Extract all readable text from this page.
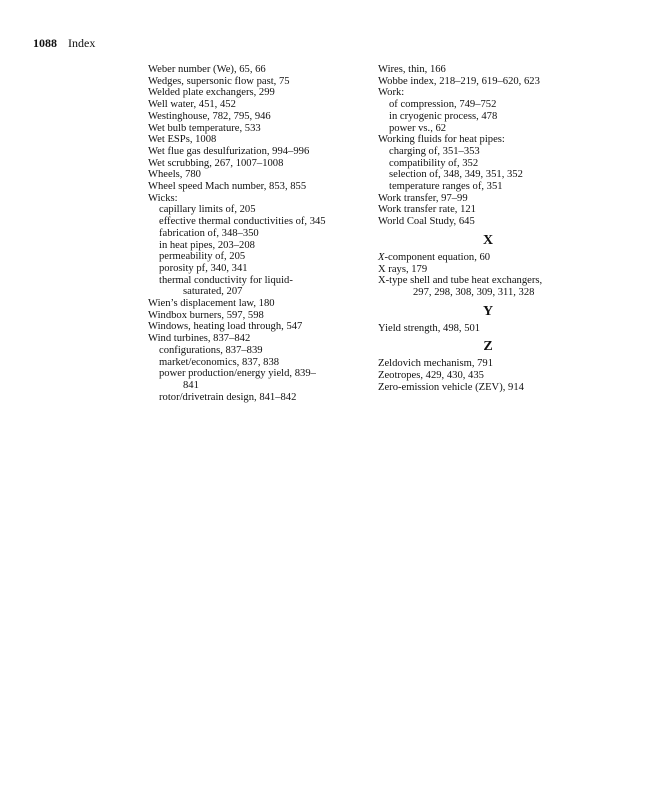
1088 Index
Weber number (We), 65, 66
Wedges, supersonic flow past, 75
Welded plate exchangers, 299
Well water, 451, 452
Westinghouse, 782, 795, 946
Wet bulb temperature, 533
Wet ESPs, 1008
Wet flue gas desulfurization, 994–996
Wet scrubbing, 267, 1007–1008
Wheels, 780
Wheel speed Mach number, 853, 855
Wicks:
capillary limits of, 205
effective thermal conductivities of, 345
fabrication of, 348–350
in heat pipes, 203–208
permeability of, 205
porosity pf, 340, 341
thermal conductivity for liquid-
saturated, 207
Wien’s displacement law, 180
Windbox burners, 597, 598
Windows, heating load through, 547
Wind turbines, 837–842
configurations, 837–839
market/economics, 837, 838
power production/energy yield, 839–
841
rotor/drivetrain design, 841–842
Wires, thin, 166
Wobbe index, 218–219, 619–620, 623
Work:
of compression, 749–752
in cryogenic process, 478
power vs., 62
Working fluids for heat pipes:
charging of, 351–353
compatibility of, 352
selection of, 348, 349, 351, 352
temperature ranges of, 351
Work transfer, 97–99
Work transfer rate, 121
World Coal Study, 645
X
X-component equation, 60
X rays, 179
X-type shell and tube heat exchangers,
297, 298, 308, 309, 311, 328
Y
Yield strength, 498, 501
Z
Zeldovich mechanism, 791
Zeotropes, 429, 430, 435
Zero-emission vehicle (ZEV), 914
